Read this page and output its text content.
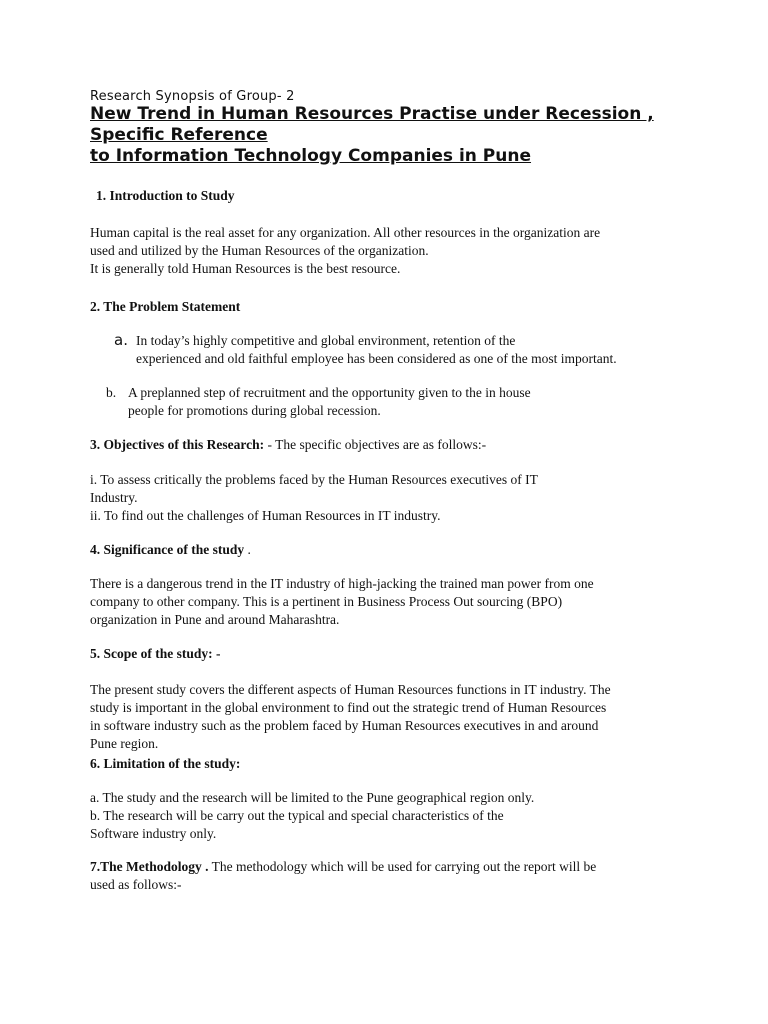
Research Synopsis of Group- 2
New Trend in Human Resources Practise under Recession ,
Specific Reference
to Information Technology Companies in Pune
1. Introduction to Study
Human capital is the real asset for any organization. All other resources in the organization are
used and utilized by the Human Resources of the organization.
It is generally told Human Resources is the best resource.
2. The Problem Statement
a. In today’s highly competitive and global environment, retention of the
experienced and old faithful employee has been considered as one of the most important.
b. A preplanned step of recruitment and the opportunity given to the in house
people for promotions during global recession.
3. Objectives of this Research: - The specific objectives are as follows:-
i. To assess critically the problems faced by the Human Resources executives of IT
Industry.
ii. To find out the challenges of Human Resources in IT industry.
4. Significance of the study .
There is a dangerous trend in the IT industry of high-jacking the trained man power from one
company to other company. This is a pertinent in Business Process Out sourcing (BPO)
organization in Pune and around Maharashtra.
5. Scope of the study: -
The present study covers the different aspects of Human Resources functions in IT industry. The
study is important in the global environment to find out the strategic trend of Human Resources
in software industry such as the problem faced by Human Resources executives in and around
Pune region.
6. Limitation of the study:
a. The study and the research will be limited to the Pune geographical region only.
b. The research will be carry out the typical and special characteristics of the
Software industry only.
7.The Methodology . The methodology which will be used for carrying out the report will be
used as follows:-
